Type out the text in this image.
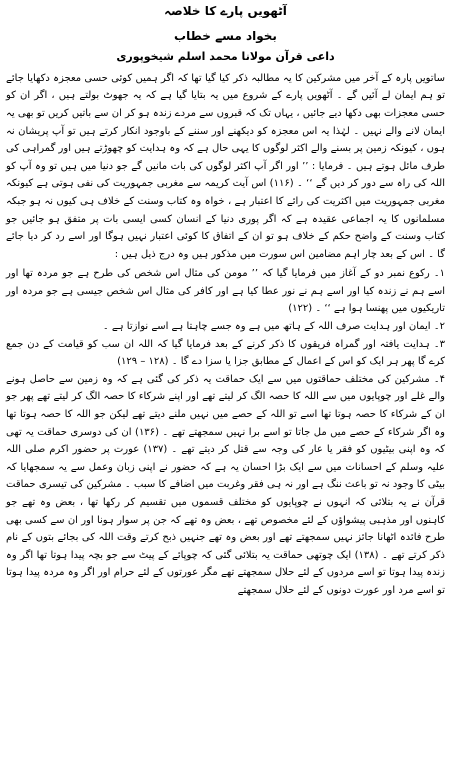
آٹھویں پارے کا خلاصہ
بخواد مسے خطاب
داعی قرآن مولانا محمد اسلم شیخوپوری

ساتویں پارہ کے آخر میں مشرکین کا یہ مطالبہ ذکر کیا گیا تھا کہ اگر ہمیں کوئی حسی معجزہ دکھایا جائے تو ہم ایمان لے آئیں گے ۔ آٹھویں پارے کے شروع میں یہ بتایا گیا ہے کہ یہ جھوٹ بولتے ہیں ، اگر ان کو حسی معجزات بھی دکھا دیے جائیں ، یہاں تک کہ قبروں سے مردے زندہ ہو کر ان سے باتیں کریں تو بھی یہ ایمان لانے والے نہیں ۔ لہٰذا یہ اس معجزہ کو دیکھنے اور سننے کے باوجود انکار کرتے ہیں تو آپ پریشان نہ ہوں ، کیونکہ زمین پر بسنے والے اکثر لوگوں کا یہی حال ہے کہ وہ ہدایت کو چھوڑتے ہیں اور گمراہی کی طرف مائل ہوتے ہیں ۔ فرمایا : ’’ اور اگر آپ اکثر لوگوں کی بات مانیں گے جو دنیا میں ہیں تو وہ آپ کو اللہ کی راہ سے دور کر دیں گے ‘‘ ۔ (۱۱۶) اس آیت کریمہ سے مغربی جمہوریت کی نفی ہوتی ہے کیونکہ مغربی جمہوریت میں اکثریت کی رائے کا اعتبار ہے ، خواہ وہ کتاب وسنت کے خلاف ہی کیوں نہ ہو جبکہ مسلمانوں کا یہ اجماعی عقیدہ ہے کہ اگر پوری دنیا کے انسان کسی ایسی بات پر متفق ہو جائیں جو کتاب وسنت کے واضح حکم کے خلاف ہو تو ان کے اتفاق کا کوئی اعتبار نہیں ہوگا اور اسے رد کر دیا جائے گا ۔ اس کے بعد چار اہم مضامین اس سورت میں مذکور ہیں وہ درج ذیل ہیں :

۱۔ رکوع نمبر دو کے آغاز میں فرمایا گیا کہ ’’ مومن کی مثال اس شخص کی طرح ہے جو مردہ تھا اور اسے ہم نے زندہ کیا اور اسے ہم نے نور عطا کیا ہے اور کافر کی مثال اس شخص جیسی ہے جو مردہ اور تاریکیوں میں پھنسا ہوا ہے ‘‘ ۔ (۱۲۲)

۲۔ ایمان اور ہدایت صرف اللہ کے ہاتھ میں ہے وہ جسے چاہتا ہے اسے نوازتا ہے ۔

۳۔ ہدایت یافتہ اور گمراہ فریقوں کا ذکر کرنے کے بعد فرمایا گیا کہ اللہ ان سب کو قیامت کے دن جمع کرے گا پھر ہر ایک کو اس کے اعمال کے مطابق جزا یا سزا دے گا ۔ (۱۲۸ – ۱۲۹)

۴۔ مشرکین کی مختلف حماقتوں میں سے ایک حماقت یہ ذکر کی گئی ہے کہ وہ زمین سے حاصل ہونے والے غلے اور چوپایوں میں سے اللہ کا حصہ الگ کر لیتے تھے اور اپنے شرکاء کا حصہ الگ کر لیتے تھے پھر جو ان کے شرکاء کا حصہ ہوتا تھا اسے تو اللہ کے حصے میں نہیں ملنے دیتے تھے لیکن جو اللہ کا حصہ ہوتا تھا وہ اگر شرکاء کے حصے میں مل جاتا تو اسے برا نہیں سمجھتے تھے ۔ (۱۳۶) ان کی دوسری حماقت یہ تھی کہ وہ اپنی بیٹیوں کو فقر یا عار کی وجہ سے قتل کر دیتے تھے ۔ (۱۳۷) عورت پر حضور اکرم صلی اللہ علیہ وسلم کے احسانات میں سے ایک بڑا احسان یہ ہے کہ حضور نے اپنی زبان وعمل سے یہ سمجھایا کہ بیٹی کا وجود نہ تو باعث ننگ ہے اور نہ ہی فقر وغربت میں اضافے کا سبب ۔ مشرکین کی تیسری حماقت قرآن نے یہ بتلائی کہ انہوں نے چوپایوں کو مختلف قسموں میں تقسیم کر رکھا تھا ، بعض وہ تھے جو کاہنوں اور مذہبی پیشواؤں کے لئے مخصوص تھے ، بعض وہ تھے کہ جن پر سوار ہونا اور ان سے کسی بھی طرح فائدہ اٹھانا جائز نہیں سمجھتے تھے اور بعض وہ تھے جنہیں ذبح کرتے وقت اللہ کی بجائے بتوں کے نام ذکر کرتے تھے ۔ (۱۳۸) ایک چوتھی حماقت یہ بتلائی گئی کہ چوپائے کے پیٹ سے جو بچہ پیدا ہوتا تھا اگر وہ زندہ پیدا ہوتا تو اسے مردوں کے لئے حلال سمجھتے تھے مگر عورتوں کے لئے حرام اور اگر وہ مردہ پیدا ہوتا تو اسے مرد اور عورت دونوں کے لئے حلال سمجھتے
